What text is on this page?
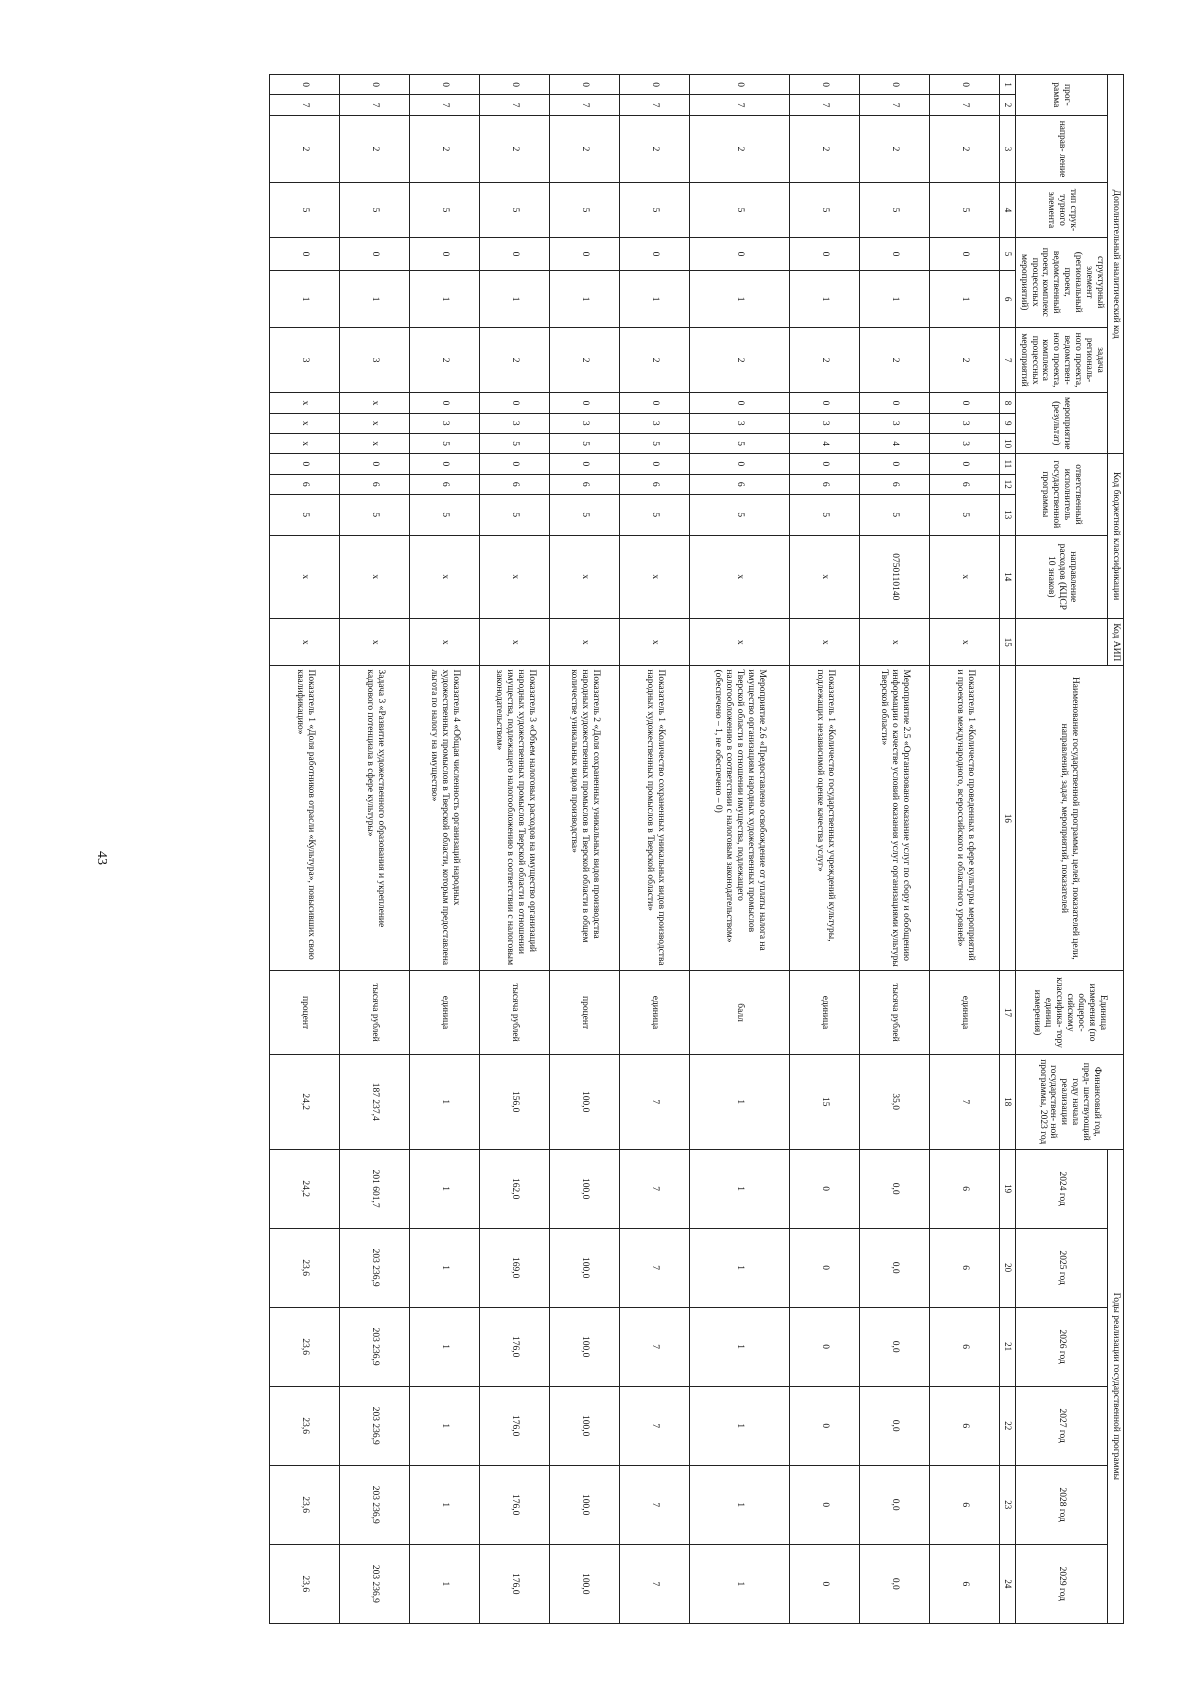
43
Дополнительный аналитический код										Код бюджетной классификации				Код АИП	Наименование государственной программы, целей, показателей цели, направлений, задач, мероприятий, показателей	Единица измерения (по общерос- сийскому классифика- тору единиц измерения)	Финансовый год, пред- шествующий году начала реализации государствен- ной программы, 2023 год	Годы реализации государственной программы					
прог- рамма		направ- ление	тип струк- турного элемента	структурный элемент (региональный проект, ведомственный проект, комплекс процессных мероприятий)		задача региональ- ного проекта, ведомствен- ного проекта, комплекса процессных мероприятий	мероприятие (результат)			ответственный исполнитель государственной программы			направление расходов (КЦСР 10 знаков)					2024 год	2025 год	2026 год	2027 год	2028 год	2029 год

1	2	3	4	5	6	7	8	9	10	11	12	13	14	15	16	17	18	19	20	21	22	23	24
0	7	2	5	0	1	2	0	3	3	0	6	5	х	х	Показатель 1 «Количество проведенных в сфере культуры мероприятий и проектов международного, всероссийского и областного уровней»	единица	7	6	6	6	6	6	6
0	7	2	5	0	1	2	0	3	4	0	6	5	0750110140	х	Мероприятие 2.5 «Организовано оказание услуг по сбору и обобщению информации о качестве условий оказания услуг организациями культуры Тверской области»	тысяча рублей	35,0	0,0	0,0	0,0	0,0	0,0	0,0
0	7	2	5	0	1	2	0	3	4	0	6	5	х	х	Показатель 1 «Количество государственных учреждений культуры, подлежащих независимой оценке качества услуг»	единица	15	0	0	0	0	0	0
0	7	2	5	0	1	2	0	3	5	0	6	5	х	х	Мероприятие 2.6 «Предоставлено освобождение от уплаты налога на имущество организациям народных художественных промыслов Тверской области в отношении имущества, подлежащего налогообложению в соответствии с налоговым законодательством» (обеспечено – 1, не обеспечено – 0)	балл	1	1	1	1	1	1	1
0	7	2	5	0	1	2	0	3	5	0	6	5	х	х	Показатель 1 «Количество сохраненных уникальных видов производства народных художественных промыслов в Тверской области»	единица	7	7	7	7	7	7	7
0	7	2	5	0	1	2	0	3	5	0	6	5	х	х	Показатель 2 «Доля сохраненных уникальных видов производства народных художественных промыслов в Тверской области в общем количестве уникальных видов производства»	процент	100,0	100,0	100,0	100,0	100,0	100,0	100,0
0	7	2	5	0	1	2	0	3	5	0	6	5	х	х	Показатель 3 «Объем налоговых расходов на имущество организаций народных художественных промыслов Тверской области в отношении имущества, подлежащего налогообложению в соответствии с налоговым законодательством»	тысяча рублей	156,0	162,0	169,0	176,0	176,0	176,0	176,0
0	7	2	5	0	1	2	0	3	5	0	6	5	х	х	Показатель 4 «Общая численность организаций народных художественных промыслов в Тверской области, которым предоставлена льгота по налогу на имущество»	единица	1	1	1	1	1	1	1
0	7	2	5	0	1	3	х	х	х	0	6	5	х	х	Задача 3 «Развитие художественного образования и укрепление кадрового потенциала в сфере культуры»	тысяча рублей	187 237,4	201 601,7	203 236,9	203 236,9	203 236,9	203 236,9	203 236,9
0	7	2	5	0	1	3	х	х	х	0	6	5	х	х	Показатель 1 «Доля работников отрасли «Культура», повысивших свою квалификацию»	процент	24,2	24,2	23,6	23,6	23,6	23,6	23,6
